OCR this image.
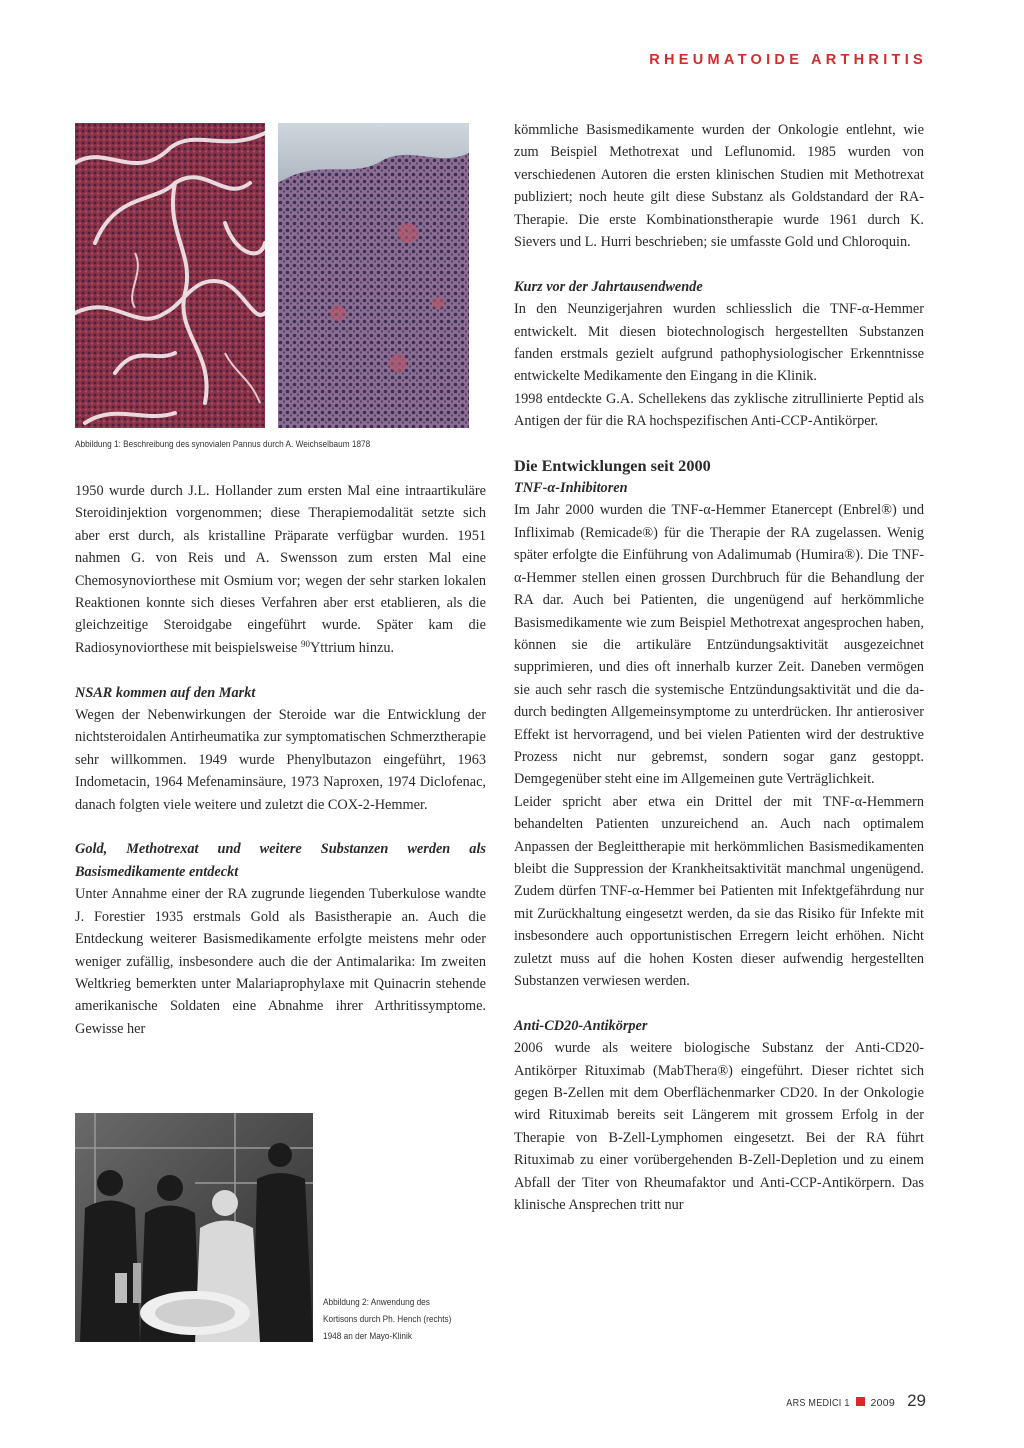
RHEUMATOIDE ARTHRITIS
Abbildung 1: Beschreibung des synovialen Pannus durch A. Weichselbaum 1878

1950 wurde durch J.L. Hollander zum ersten Mal eine intraartikuläre Steroidinjektion vorgenommen; diese Therapiemodalität setzte sich aber erst durch, als kristalline Präparate verfügbar wurden. 1951 nahmen G. von Reis und A. Swensson zum ersten Mal eine Chemosynoviorthese mit Osmium vor; wegen der sehr starken lokalen Reaktionen konnte sich dieses Verfahren aber erst etablieren, als die gleichzeitige Steroidgabe eingeführt wurde. Später kam die Radiosynoviorthese mit beispielsweise $^{90}$Yttrium hinzu.

NSAR kommen auf den Markt

Wegen der Nebenwirkungen der Steroide war die Entwicklung der nichtsteroidalen Antirheumatika zur symptomatischen Schmerztherapie sehr willkommen. 1949 wurde Phenylbutazon eingeführt, 1963 Indometacin, 1964 Mefenaminsäure, 1973 Naproxen, 1974 Diclofenac, danach folgten viele weitere und zuletzt die COX-2-Hemmer.

Gold, Methotrexat und weitere Substanzen werden als Basismedikamente entdeckt

Unter Annahme einer der RA zugrunde liegenden Tuberkulose wandte J. Forestier 1935 erstmals Gold als Basistherapie an. Auch die Entdeckung weiterer Basismedikamente erfolgte meistens mehr oder weniger zufällig, insbesondere auch die der Antimalarika: Im zweiten Weltkrieg bemerkten unter Malariaprophylaxe mit Quinacrin stehende amerikanische Soldaten eine Abnahme ihrer Arthritissymptome. Gewisse her

Abbildung 2: Anwendung des
Kortisons durch Ph. Hench (rechts)
1948 an der Mayo-Klinik

kömmliche Basismedikamente wurden der Onkologie entlehnt, wie zum Beispiel Methotrexat und Leflunomid. 1985 wurden von verschiedenen Autoren die ersten klinischen Studien mit Methotrexat publiziert; noch heute gilt diese Substanz als Goldstandard der RA-Therapie. Die erste Kombinationstherapie wurde 1961 durch K. Sievers und L. Hurri beschrieben; sie umfasste Gold und Chloroquin.

Kurz vor der Jahrtausendwende

In den Neunzigerjahren wurden schliesslich die TNF-α-Hemmer entwickelt. Mit diesen biotechnologisch hergestellten Substanzen fanden erstmals gezielt aufgrund pathophysiologischer Erkenntnisse entwickelte Medikamente den Eingang in die Klinik.

1998 entdeckte G.A. Schellekens das zyklische zitrullinierte Peptid als Antigen der für die RA hochspezifischen Anti-CCP-Antikörper.

Die Entwicklungen seit 2000
TNF-α-Inhibitoren

Im Jahr 2000 wurden die TNF-α-Hemmer Etanercept (Enbrel®) und Infliximab (Remicade®) für die Therapie der RA zugelassen. Wenig später erfolgte die Einführung von Adalimumab (Humira®). Die TNF-α-Hemmer stellen einen grossen Durchbruch für die Behandlung der RA dar. Auch bei Patienten, die ungenügend auf herkömmliche Basismedikamente wie zum Beispiel Methotrexat angesprochen haben, können sie die artikuläre Entzündungsaktivität ausgezeichnet supprimieren, und dies oft innerhalb kurzer Zeit. Daneben vermögen sie auch sehr rasch die systemische Entzündungsaktivität und die dadurch bedingten Allgemeinsymptome zu unterdrücken. Ihr antierosiver Effekt ist hervorragend, und bei vielen Patienten wird der destruktive Prozess nicht nur gebremst, sondern sogar ganz gestoppt. Demgegenüber steht eine im Allgemeinen gute Verträglichkeit.

Leider spricht aber etwa ein Drittel der mit TNF-α-Hemmern behandelten Patienten unzureichend an. Auch nach optimalem Anpassen der Begleittherapie mit herkömmlichen Basismedikamenten bleibt die Suppression der Krankheitsaktivität manchmal ungenügend. Zudem dürfen TNF-α-Hemmer bei Patienten mit Infektgefährdung nur mit Zurückhaltung eingesetzt werden, da sie das Risiko für Infekte mit insbesondere auch opportunistischen Erregern leicht erhöhen. Nicht zuletzt muss auf die hohen Kosten dieser aufwendig hergestellten Substanzen verwiesen werden.

Anti-CD20-Antikörper

2006 wurde als weitere biologische Substanz der Anti-CD20-Antikörper Rituximab (MabThera®) eingeführt. Dieser richtet sich gegen B-Zellen mit dem Oberflächenmarker CD20. In der Onkologie wird Rituximab bereits seit Längerem mit grossem Erfolg in der Therapie von B-Zell-Lymphomen eingesetzt. Bei der RA führt Rituximab zu einer vorübergehenden B-Zell-Depletion und zu einem Abfall der Titer von Rheumafaktor und Anti-CCP-Antikörpern. Das klinische Ansprechen tritt nur

ARS MEDICI 1 2009 29
